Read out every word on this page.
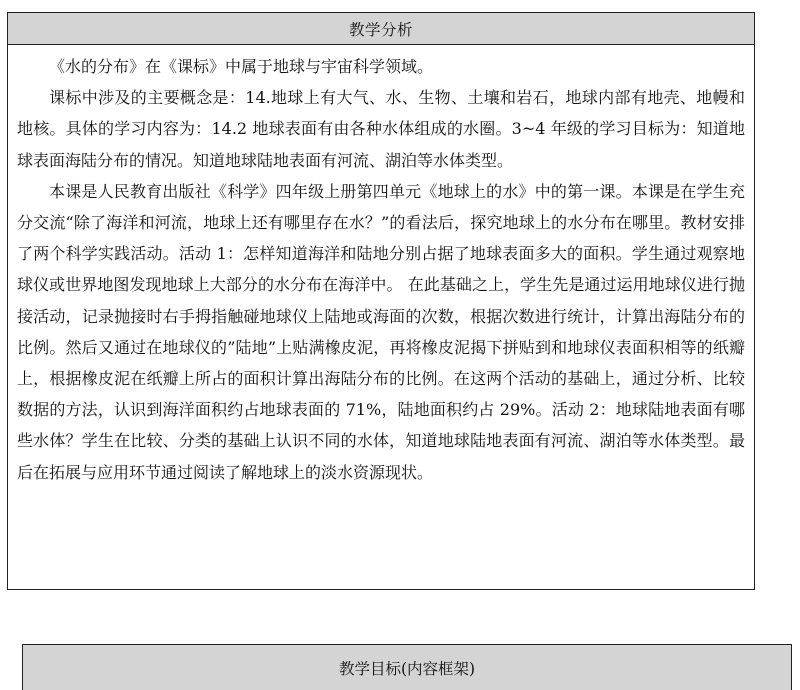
教学分析

《水的分布》在《课标》中属于地球与宇宙科学领域。

课标中涉及的主要概念是：14.地球上有大气、水、生物、土壤和岩石，地球内部有地壳、地幔和地核。具体的学习内容为：14.2 地球表面有由各种水体组成的水圈。3~4 年级的学习目标为：知道地球表面海陆分布的情况。知道地球陆地表面有河流、湖泊等水体类型。

本课是人民教育出版社《科学》四年级上册第四单元《地球上的水》中的第一课。本课是在学生充分交流“除了海洋和河流，地球上还有哪里存在水？”的看法后，探究地球上的水分布在哪里。教材安排了两个科学实践活动。活动 1：怎样知道海洋和陆地分别占据了地球表面多大的面积。学生通过观察地球仪或世界地图发现地球上大部分的水分布在海洋中。 在此基础之上，学生先是通过运用地球仪进行抛接活动，记录抛接时右手拇指触碰地球仪上陆地或海面的次数，根据次数进行统计，计算出海陆分布的比例。然后又通过在地球仪的”陆地”上贴满橡皮泥，再将橡皮泥揭下拼贴到和地球仪表面积相等的纸瓣上，根据橡皮泥在纸瓣上所占的面积计算出海陆分布的比例。在这两个活动的基础上，通过分析、比较数据的方法，认识到海洋面积约占地球表面的 71%，陆地面积约占 29%。活动 2：地球陆地表面有哪些水体？学生在比较、分类的基础上认识不同的水体，知道地球陆地表面有河流、湖泊等水体类型。最后在拓展与应用环节通过阅读了解地球上的淡水资源现状。

教学目标(内容框架)
